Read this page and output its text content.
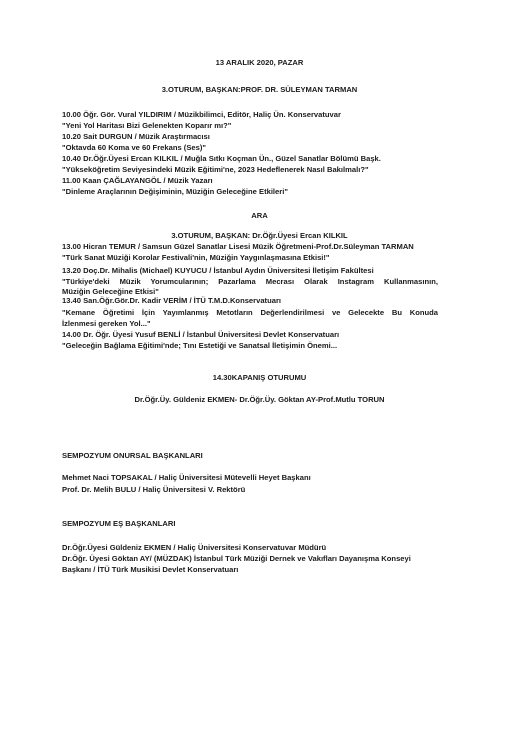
13 ARALIK 2020, PAZAR
3.OTURUM, BAŞKAN:PROF. DR. SÜLEYMAN TARMAN
10.00 Öğr. Gör. Vural YILDIRIM / Müzikbilimci, Editör, Haliç Ün. Konservatuvar
"Yeni Yol Haritası Bizi Gelenekten Koparır mı?"
10.20 Sait DURGUN / Müzik Araştırmacısı
"Oktavda 60 Koma ve 60 Frekans (Ses)"
10.40 Dr.Öğr.Üyesi Ercan KILKIL / Muğla Sıtkı Koçman Ün., Güzel Sanatlar Bölümü Başk.
"Yükseköğretim Seviyesindeki Müzik Eğitimi'ne, 2023 Hedeflenerek Nasıl Bakılmalı?"
11.00 Kaan ÇAĞLAYANGÖL / Müzik Yazarı
"Dinleme Araçlarının Değişiminin, Müziğin Geleceğine Etkileri"
ARA
3.OTURUM, BAŞKAN: Dr.Öğr.Üyesi Ercan KILKIL
13.00 Hicran TEMUR / Samsun Güzel Sanatlar Lisesi Müzik Öğretmeni-Prof.Dr.Süleyman TARMAN
"Türk Sanat Müziği Korolar Festivali'nin, Müziğin Yaygınlaşmasına Etkisi!"
13.20 Doç.Dr. Mihalis (Michael) KUYUCU / İstanbul Aydın Üniversitesi İletişim Fakültesi
"Türkiye'deki Müzik Yorumcularının; Pazarlama Mecrası Olarak Instagram Kullanmasının,
Müziğin Geleceğine Etkisi"
13.40 San.Öğr.Gör.Dr. Kadir VERİM / İTÜ T.M.D.Konservatuarı
"Kemane Öğretimi İçin Yayımlanmış Metotların Değerlendirilmesi ve Gelecekte Bu Konuda
İzlenmesi gereken Yol..."
14.00 Dr. Öğr. Üyesi Yusuf BENLİ / İstanbul Üniversitesi Devlet Konservatuarı
"Geleceğin Bağlama Eğitimi'nde; Tını Estetiği ve Sanatsal İletişimin Önemi...
14.30KAPANIŞ OTURUMU
Dr.Öğr.Üy. Güldeniz EKMEN- Dr.Öğr.Üy. Göktan AY-Prof.Mutlu TORUN
SEMPOZYUM ONURSAL BAŞKANLARI
Mehmet Naci TOPSAKAL / Haliç Üniversitesi Mütevelli Heyet Başkanı
Prof. Dr. Melih BULU / Haliç Üniversitesi V. Rektörü
SEMPOZYUM EŞ BAŞKANLARI
Dr.Öğr.Üyesi Güldeniz EKMEN / Haliç Üniversitesi Konservatuvar Müdürü
Dr.Öğr. Üyesi Göktan AY/ (MÜZDAK) İstanbul Türk Müziği Dernek ve Vakıfları Dayanışma Konseyi
Başkanı / İTÜ Türk Musikisi Devlet Konservatuarı
